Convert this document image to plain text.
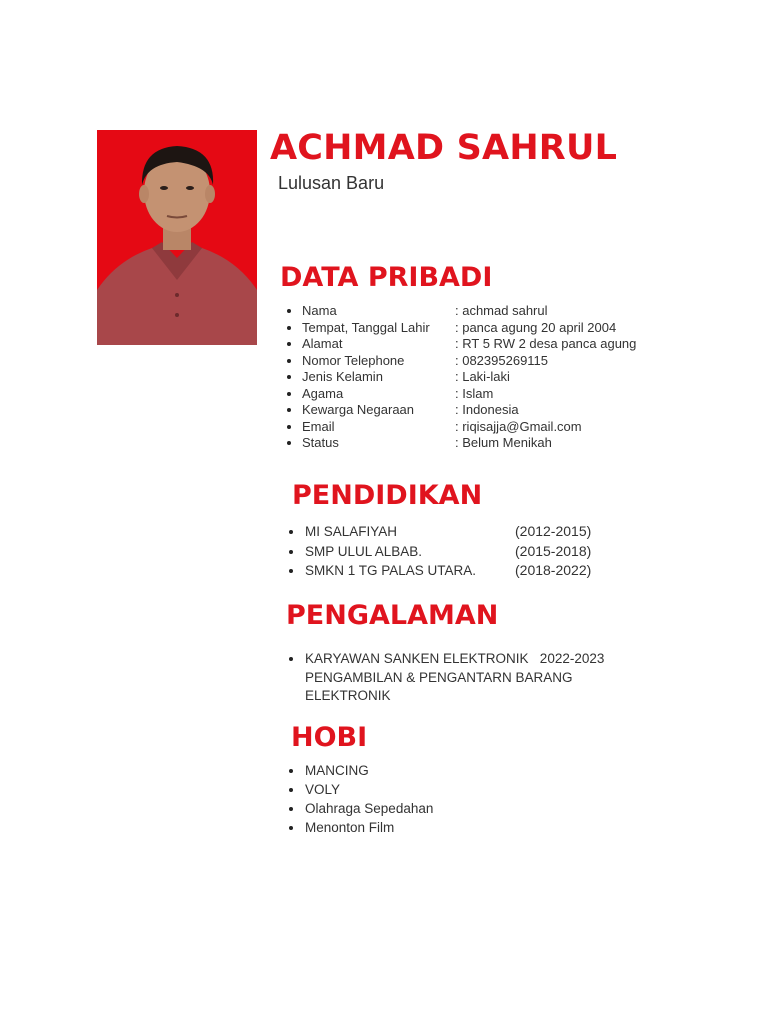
ACHMAD SAHRUL
Lulusan Baru
DATA PRIBADI
Nama	: achmad sahrul
Tempat, Tanggal Lahir : panca agung 20 april 2004
Alamat	: RT 5 RW 2 desa panca agung
Nomor Telephone	: 082395269115
Jenis Kelamin	: Laki-laki
Agama	: Islam
Kewarga Negaraan	: Indonesia
Email	: riqisajja@Gmail.com
Status	: Belum Menikah
PENDIDIKAN
MI SALAFIYAH	(2012-2015)
SMP ULUL ALBAB.	(2015-2018)
SMKN 1 TG PALAS UTARA.	(2018-2022)
PENGALAMAN
KARYAWAN SANKEN ELEKTRONIK   2022-2023
PENGAMBILAN & PENGANTARN BARANG
ELEKTRONIK
HOBI
MANCING
VOLY
Olahraga Sepedahan
Menonton Film
